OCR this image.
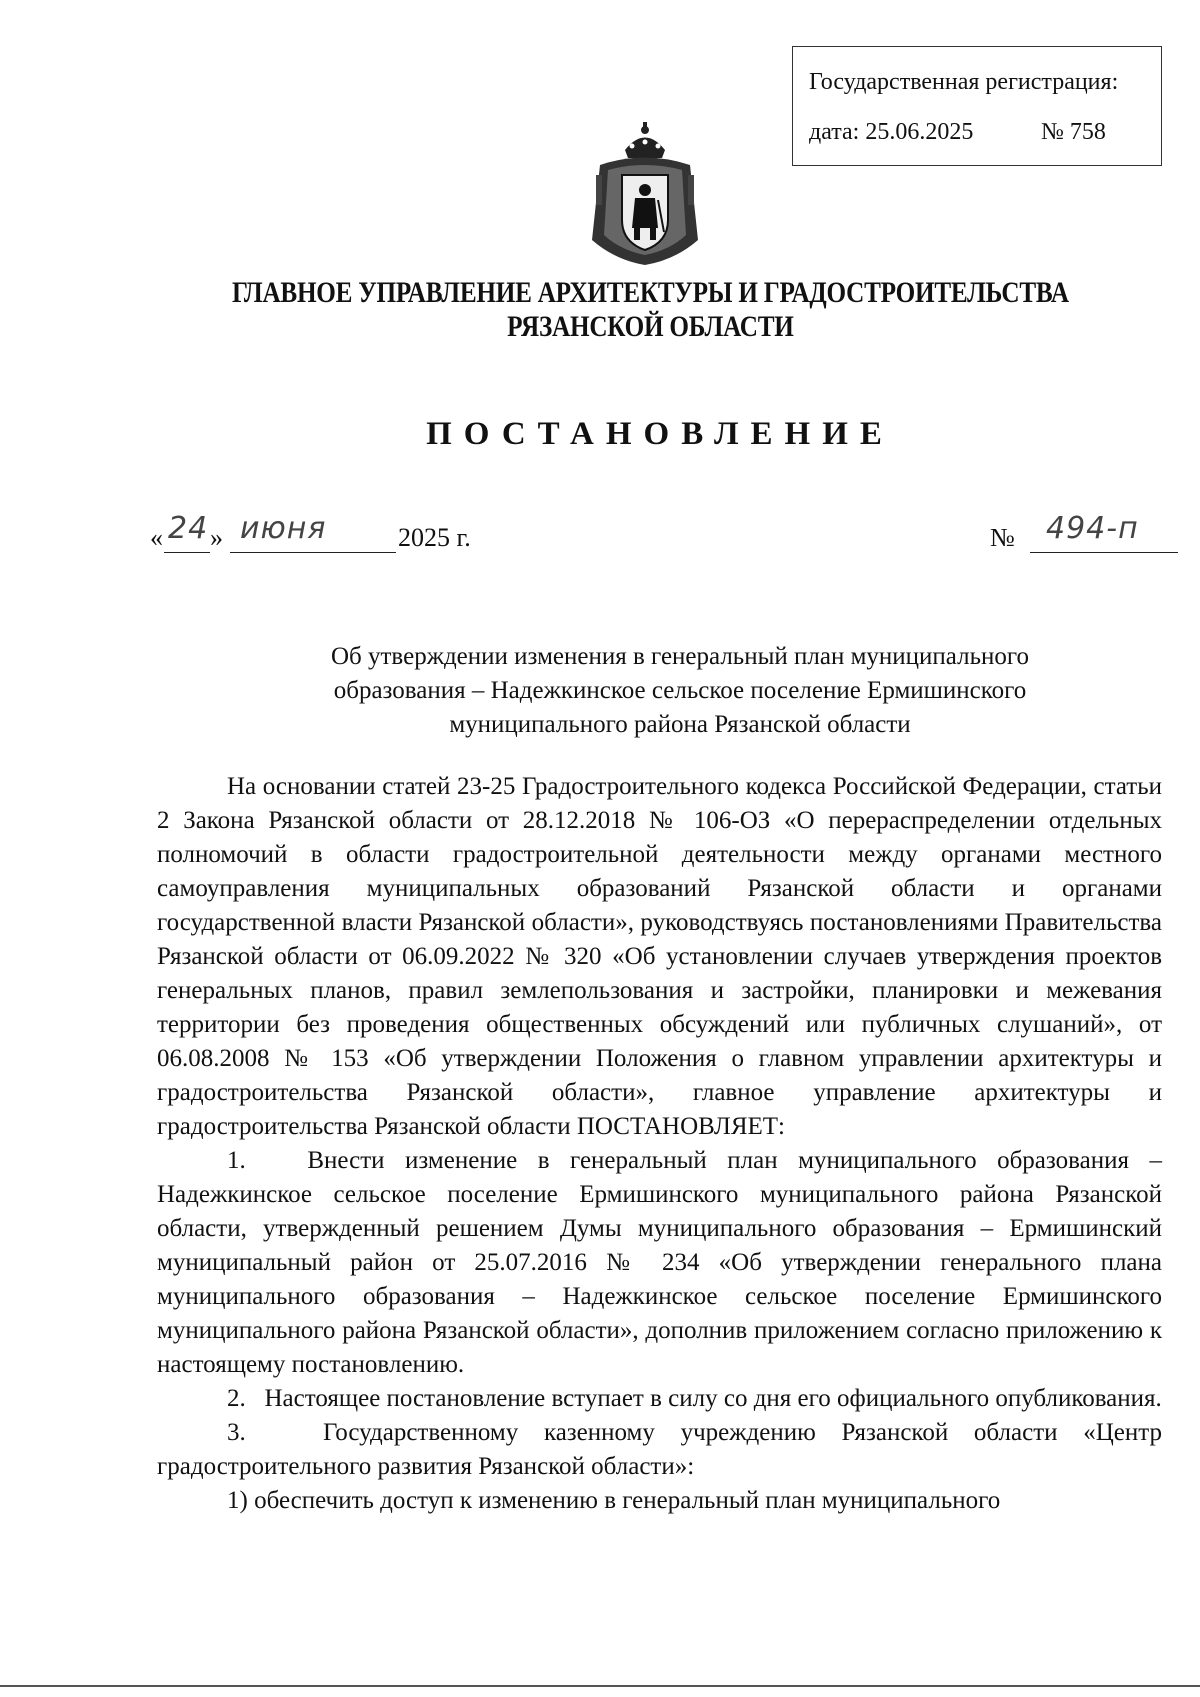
Государственная регистрация:
дата: 25.06.2025	№ 758
ГЛАВНОЕ УПРАВЛЕНИЕ АРХИТЕКТУРЫ И ГРАДОСТРОИТЕЛЬСТВА
РЯЗАНСКОЙ ОБЛАСТИ
ПОСТАНОВЛЕНИЕ
« 24 » июня	2025 г.	№ 494-п
Об утверждении изменения в генеральный план муниципального
образования – Надежкинское сельское поселение Ермишинского
муниципального района Рязанской области

На основании статей 23-25 Градостроительного кодекса Российской Федерации, статьи 2 Закона Рязанской области от 28.12.2018 № 106-ОЗ «О перераспределении отдельных полномочий в области градостроительной деятельности между органами местного самоуправления муниципальных образований Рязанской области и органами государственной власти Рязанской области», руководствуясь постановлениями Правительства Рязанской области от 06.09.2022 № 320 «Об установлении случаев утверждения проектов генеральных планов, правил землепользования и застройки, планировки и межевания территории без проведения общественных обсуждений или публичных слушаний», от 06.08.2008 № 153 «Об утверждении Положения о главном управлении архитектуры и градостроительства Рязанской области», главное управление архитектуры и градостроительства Рязанской области ПОСТАНОВЛЯЕТ:

1.   Внести изменение в генеральный план муниципального образования – Надежкинское сельское поселение Ермишинского муниципального района Рязанской области, утвержденный решением Думы муниципального образования – Ермишинский муниципальный район от 25.07.2016 № 234 «Об утверждении генерального плана муниципального образования – Надежкинское сельское поселение Ермишинского муниципального района Рязанской области», дополнив приложением согласно приложению к настоящему постановлению.

2.   Настоящее постановление вступает в силу со дня его официального опубликования.

3.   Государственному казенному учреждению Рязанской области «Центр градостроительного развития Рязанской области»:

1) обеспечить доступ к изменению в генеральный план муниципального
